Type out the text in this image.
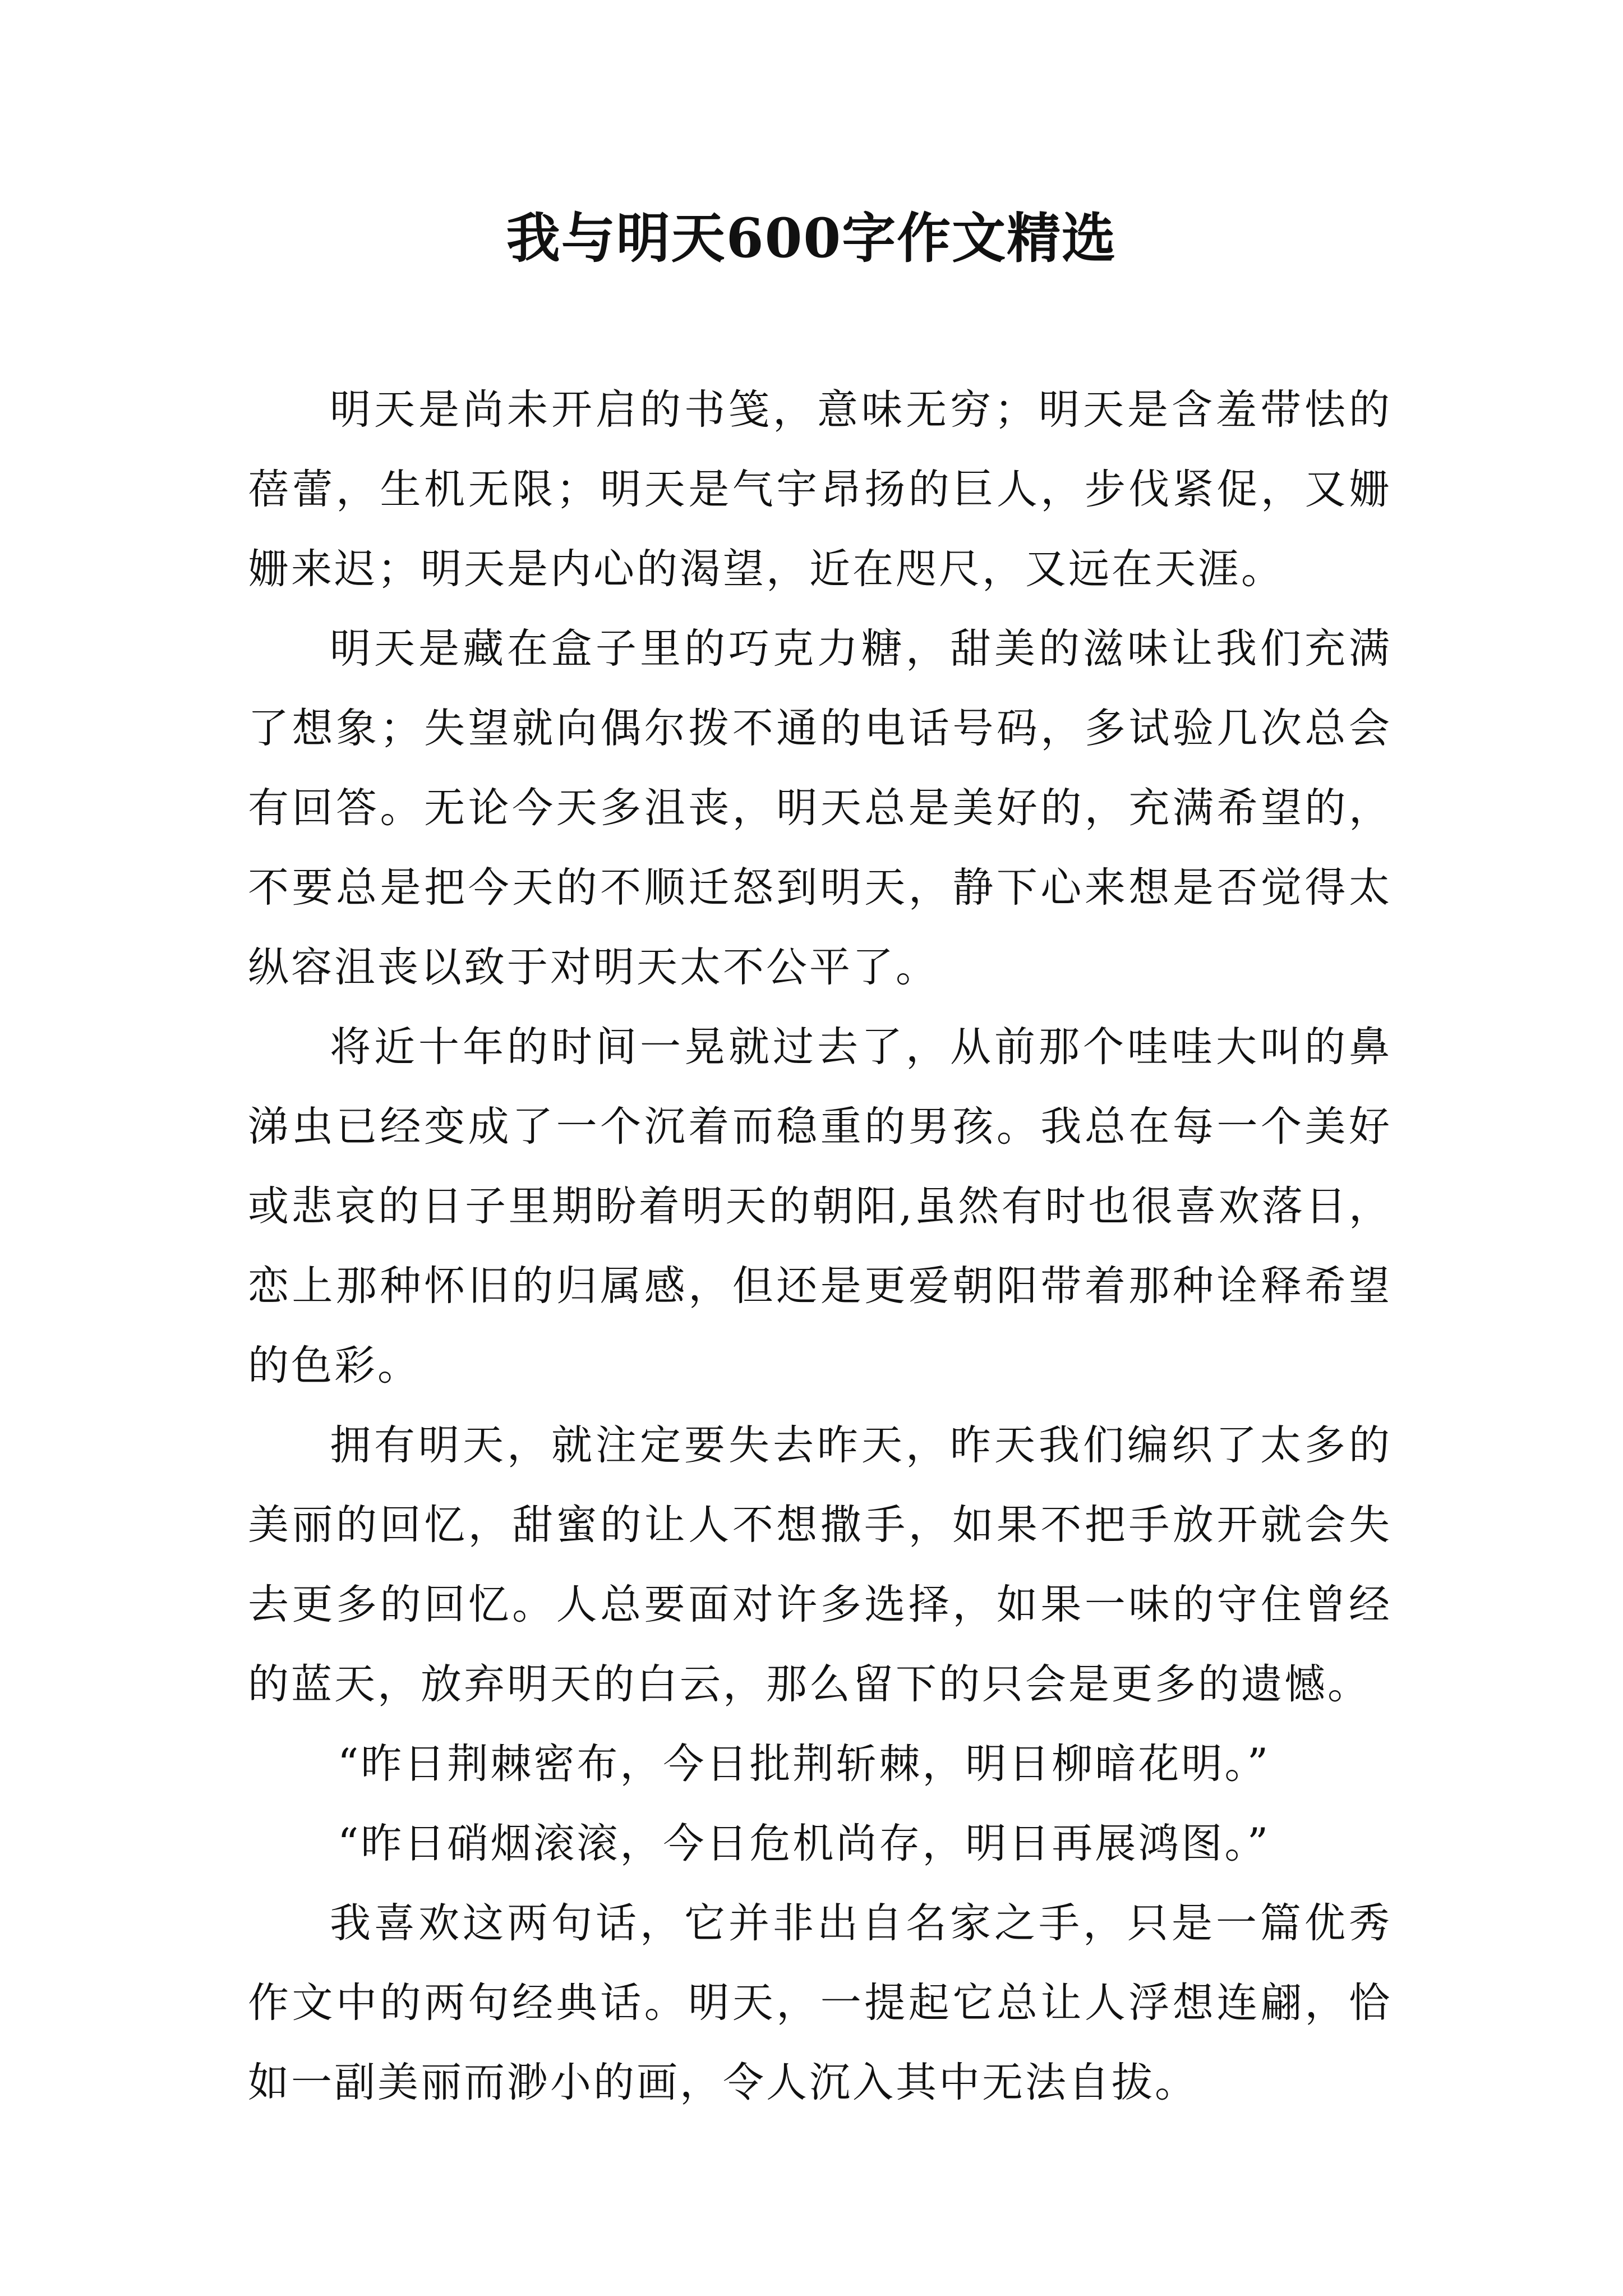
我与明天600字作文精选

明天是尚未开启的书笺，意味无穷；明天是含羞带怯的蓓蕾，生机无限；明天是气宇昂扬的巨人，步伐紧促，又姗姗来迟；明天是内心的渴望，近在咫尺，又远在天涯。

明天是藏在盒子里的巧克力糖，甜美的滋味让我们充满了想象；失望就向偶尔拨不通的电话号码，多试验几次总会有回答。无论今天多沮丧，明天总是美好的，充满希望的，不要总是把今天的不顺迁怒到明天，静下心来想是否觉得太纵容沮丧以致于对明天太不公平了。

将近十年的时间一晃就过去了，从前那个哇哇大叫的鼻涕虫已经变成了一个沉着而稳重的男孩。我总在每一个美好或悲哀的日子里期盼着明天的朝阳,虽然有时也很喜欢落日，恋上那种怀旧的归属感，但还是更爱朝阳带着那种诠释希望的色彩。

拥有明天，就注定要失去昨天，昨天我们编织了太多的美丽的回忆，甜蜜的让人不想撒手，如果不把手放开就会失去更多的回忆。人总要面对许多选择，如果一味的守住曾经的蓝天，放弃明天的白云，那么留下的只会是更多的遗憾。

“昨日荆棘密布，今日批荆斩棘，明日柳暗花明。”

“昨日硝烟滚滚，今日危机尚存，明日再展鸿图。”

我喜欢这两句话，它并非出自名家之手，只是一篇优秀作文中的两句经典话。明天，一提起它总让人浮想连翩，恰如一副美丽而渺小的画，令人沉入其中无法自拔。
